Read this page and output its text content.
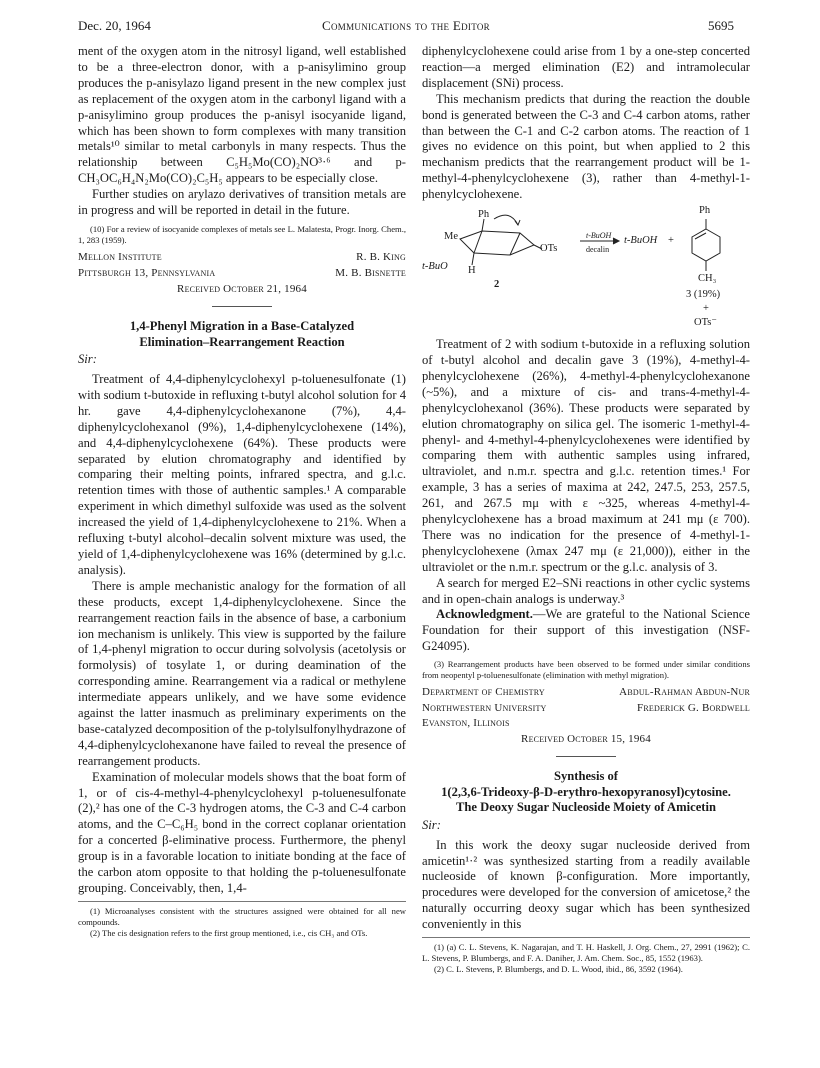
Dec. 20, 1964	Communications to the Editor	5695

ment of the oxygen atom in the nitrosyl ligand, well established to be a three-electron donor, with a p-anisylimino group produces the p-anisylazo ligand present in the new complex just as replacement of the oxygen atom in the carbonyl ligand with a p-anisylimino group produces the p-anisyl isocyanide ligand, which has been shown to form complexes with many transition metals¹⁰ similar to metal carbonyls in many respects. Thus the relationship between C₅H₅Mo(CO)₂NO³·⁶ and p-CH₃OC₆H₄N₂Mo(CO)₂C₅H₅ appears to be especially close.

Further studies on arylazo derivatives of transition metals are in progress and will be reported in detail in the future.

(10) For a review of isocyanide complexes of metals see L. Malatesta, Progr. Inorg. Chem., 1, 283 (1959).

Mellon Institute	R. B. King
Pittsburgh 13, Pennsylvania	M. B. Bisnette
Received October 21, 1964
1,4-Phenyl Migration in a Base-Catalyzed Elimination–Rearrangement Reaction
Sir:

Treatment of 4,4-diphenylcyclohexyl p-toluenesulfonate (1) with sodium t-butoxide in refluxing t-butyl alcohol solution for 4 hr. gave 4,4-diphenylcyclohexanone (7%), 4,4-diphenylcyclohexanol (9%), 1,4-diphenylcyclohexene (14%), and 4,4-diphenylcyclohexene (64%). These products were separated by elution chromatography and identified by comparing their melting points, infrared spectra, and g.l.c. retention times with those of authentic samples.¹ A comparable experiment in which dimethyl sulfoxide was used as the solvent increased the yield of 1,4-diphenylcyclohexene to 21%. When a refluxing t-butyl alcohol–decalin solvent mixture was used, the yield of 1,4-diphenylcyclohexene was 16% (determined by g.l.c. analysis).

There is ample mechanistic analogy for the formation of all these products, except 1,4-diphenylcyclohexene. Since the rearrangement reaction fails in the absence of base, a carbonium ion mechanism is unlikely. This view is supported by the failure of 1,4-phenyl migration to occur during solvolysis (acetolysis or formolysis) of tosylate 1, or during deamination of the corresponding amine. Rearrangement via a radical or methylene intermediate appears unlikely, and we have some evidence against the latter inasmuch as preliminary experiments on the base-catalyzed decomposition of the p-tolylsulfonylhydrazone of 4,4-diphenylcyclohexanone have failed to reveal the presence of rearrangement products.

Examination of molecular models shows that the boat form of 1, or of cis-4-methyl-4-phenylcyclohexyl p-toluenesulfonate (2),² has one of the C-3 hydrogen atoms, the C-3 and C-4 carbon atoms, and the C–C₆H₅ bond in the correct coplanar orientation for a concerted β-eliminative process. Furthermore, the phenyl group is in a favorable location to initiate bonding at the face of the carbon atom opposite to that holding the p-toluenesulfonate grouping. Conceivably, then, 1,4-

(1) Microanalyses consistent with the structures assigned were obtained for all new compounds.

(2) The cis designation refers to the first group mentioned, i.e., cis CH₃ and OTs.

diphenylcyclohexene could arise from 1 by a one-step concerted reaction—a merged elimination (E2) and intramolecular displacement (SNi) process.

This mechanism predicts that during the reaction the double bond is generated between the C-3 and C-4 carbon atoms, rather than between the C-1 and C-2 carbon atoms. The reaction of 1 gives no evidence on this point, but when applied to 2 this mechanism predicts that the rearrangement product will be 1-methyl-4-phenylcyclohexene (3), rather than 4-methyl-1-phenylcyclohexene.

Me
Ph
OTs
t-BuO H
2
t-BuOH
decalin
t-BuOH +
Ph
CH₃
3 (19%)
+
OTs⁻

Treatment of 2 with sodium t-butoxide in a refluxing solution of t-butyl alcohol and decalin gave 3 (19%), 4-methyl-4-phenylcyclohexene (26%), 4-methyl-4-phenylcyclohexanone (~5%), and a mixture of cis- and trans-4-methyl-4-phenylcyclohexanol (36%). These products were separated by elution chromatography on silica gel. The isomeric 1-methyl-4-phenyl- and 4-methyl-4-phenylcyclohexenes were identified by comparing them with authentic samples using infrared, ultraviolet, and n.m.r. spectra and g.l.c. retention times.¹ For example, 3 has a series of maxima at 242, 247.5, 253, 257.5, 261, and 267.5 mμ with ε ~325, whereas 4-methyl-4-phenylcyclohexene has a broad maximum at 241 mμ (ε 700). There was no indication for the presence of 4-methyl-1-phenylcyclohexene (λmax 247 mμ (ε 21,000)), either in the ultraviolet or the n.m.r. spectrum or the g.l.c. analysis of 3.

A search for merged E2–SNi reactions in other cyclic systems and in open-chain analogs is underway.³

Acknowledgment.—We are grateful to the National Science Foundation for their support of this investigation (NSF-G24095).

(3) Rearrangement products have been observed to be formed under similar conditions from neopentyl p-toluenesulfonate (elimination with methyl migration).

Department of Chemistry	Abdul-Rahman Abdun-Nur
Northwestern University	Frederick G. Bordwell
Evanston, Illinois
Received October 15, 1964
Synthesis of
1(2,3,6-Trideoxy-β-D-erythro-hexopyranosyl)cytosine.
The Deoxy Sugar Nucleoside Moiety of Amicetin
Sir:

In this work the deoxy sugar nucleoside derived from amicetin¹·² was synthesized starting from a readily available nucleoside of known β-configuration. More importantly, procedures were developed for the conversion of amicetose,² the naturally occurring deoxy sugar which has been synthesized conveniently in this

(1) (a) C. L. Stevens, K. Nagarajan, and T. H. Haskell, J. Org. Chem., 27, 2991 (1962); C. L. Stevens, P. Blumbergs, and F. A. Daniher, J. Am. Chem. Soc., 85, 1552 (1963).

(2) C. L. Stevens, P. Blumbergs, and D. L. Wood, ibid., 86, 3592 (1964).
